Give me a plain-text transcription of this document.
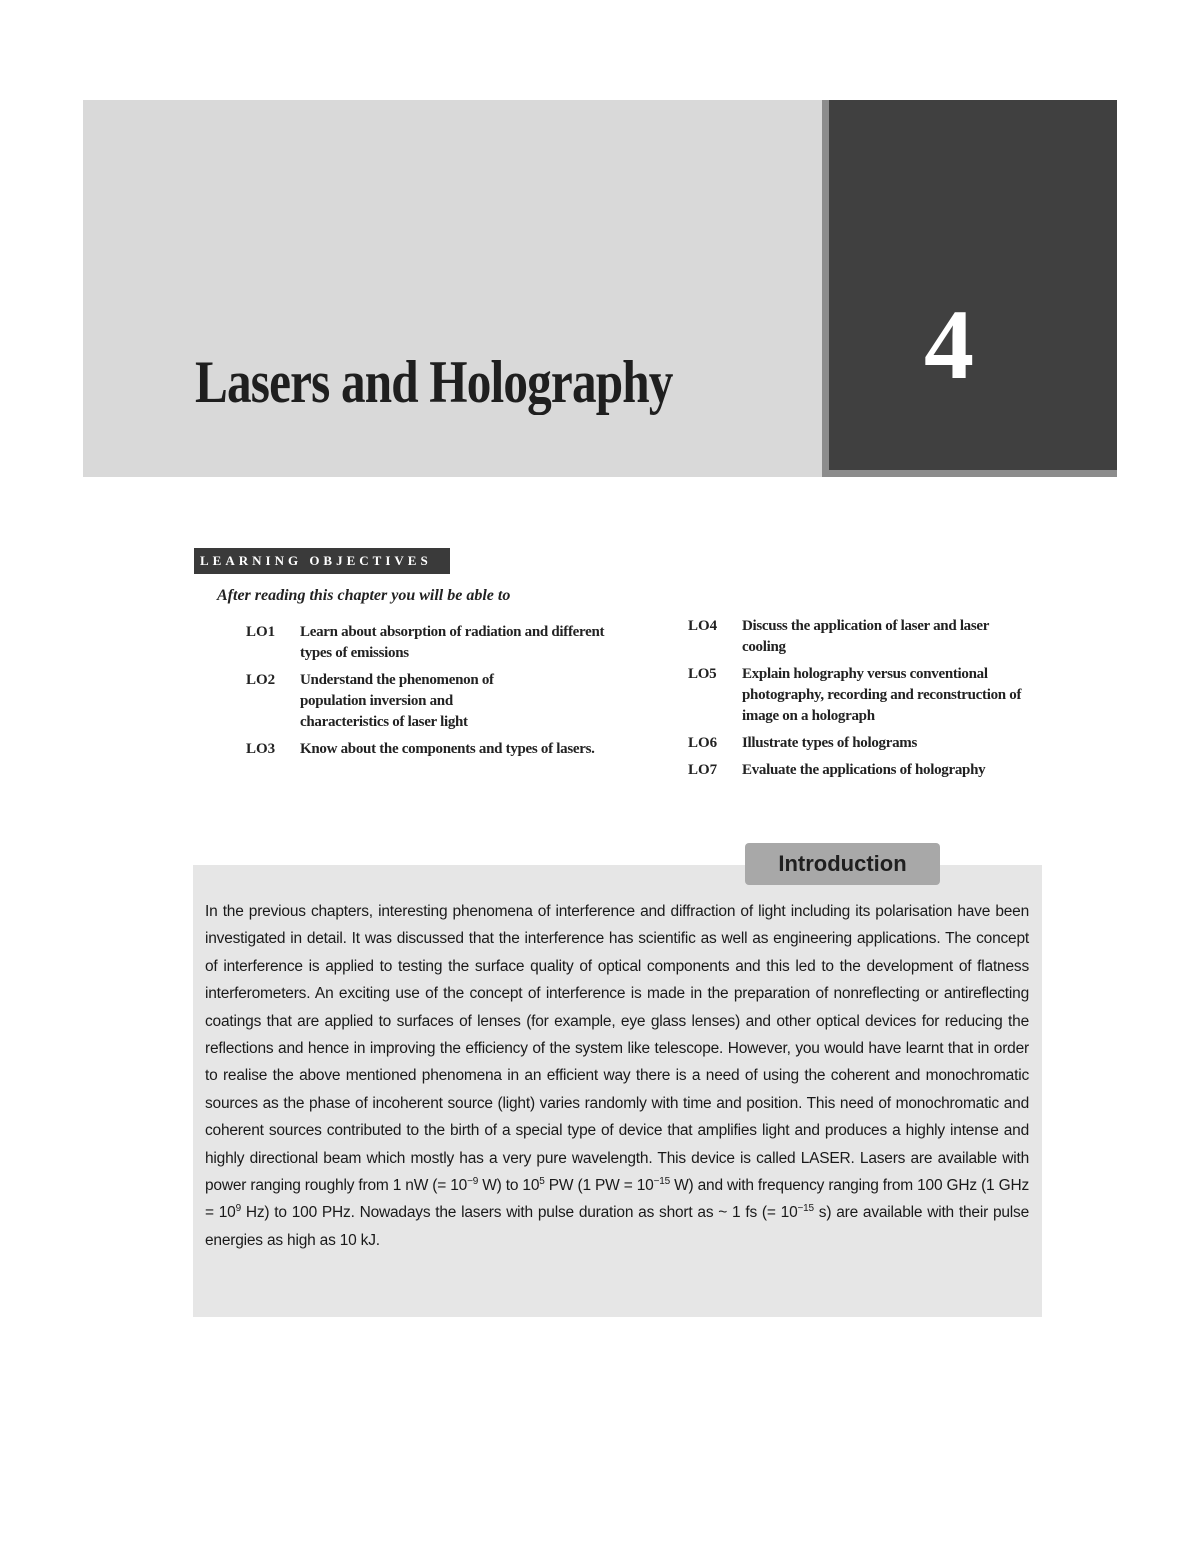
Lasers and Holography	4
LEARNING OBJECTIVES
After reading this chapter you will be able to
LO1	Learn about absorption of radiation and different types of emissions
LO2	Understand the phenomenon of population inversion and characteristics of laser light
LO3	Know about the components and types of lasers.
LO4	Discuss the application of laser and laser cooling
LO5	Explain holography versus conventional photography, recording and reconstruction of image on a holograph
LO6	Illustrate types of holograms
LO7	Evaluate the applications of holography
Introduction

In the previous chapters, interesting phenomena of interference and diffraction of light including its polarisation have been investigated in detail. It was discussed that the interference has scientific as well as engineering applications. The concept of interference is applied to testing the surface quality of optical components and this led to the development of flatness interferometers. An exciting use of the concept of interference is made in the preparation of nonreflecting or antireflecting coatings that are applied to surfaces of lenses (for example, eye glass lenses) and other optical devices for reducing the reflections and hence in improving the efficiency of the system like telescope. However, you would have learnt that in order to realise the above mentioned phenomena in an efficient way there is a need of using the coherent and monochromatic sources as the phase of incoherent source (light) varies randomly with time and position. This need of monochromatic and coherent sources contributed to the birth of a special type of device that amplifies light and produces a highly intense and highly directional beam which mostly has a very pure wavelength. This device is called LASER. Lasers are available with power ranging roughly from 1 nW (= $10^{-9}$ W) to $10^5$ PW (1 PW = $10^{-15}$ W) and with frequency ranging from 100 GHz (1 GHz = $10^9$ Hz) to 100 PHz. Nowadays the lasers with pulse duration as short as ~ 1 fs (= $10^{-15}$ s) are available with their pulse energies as high as 10 kJ.
